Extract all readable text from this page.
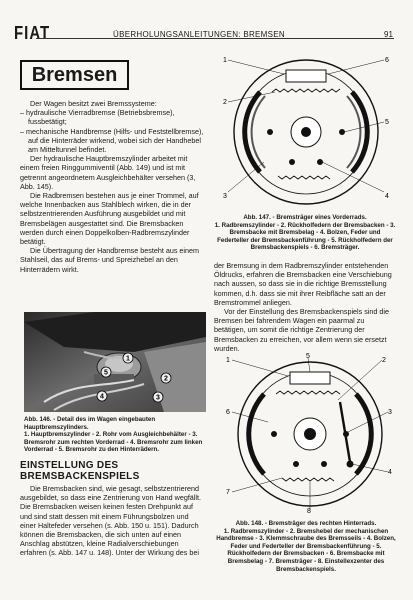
FIAT	ÜBERHOLUNGSANLEITUNGEN: BREMSEN	91
Bremsen

Der Wagen besitzt zwei Bremssysteme:

– hydraulische Vierradbremse (Betriebsbremse), fussbetätigt;

– mechanische Handbremse (Hilfs- und Feststellbremse), auf die Hinterräder wirkend, wobei sich der Handhebel am Mitteltunnel befindet.

Der hydraulische Hauptbremszylinder arbeitet mit einem freien Ringgummiventil (Abb. 149) und ist mit getrennt angeordnetem Ausgleichbehälter versehen (3, Abb. 145).

Die Radbremsen bestehen aus je einer Trommel, auf welche Innenbacken aus Stahlblech wirken, die in der selbstzentrierenden Ausführung ausgebildet und mit Bremsbelägen ausgestattet sind. Die Bremsbacken werden durch einen Doppelkolben-Radbremszylinder betätigt.

Die Übertragung der Handbremse besteht aus einem Stahlseil, das auf Brems- und Spreizhebel an den Hinterrädern wirkt.

5
1
2
3
4
Abb. 146. - Detail des im Wagen eingebauten Hauptbremszylinders.
1. Hauptbremszylinder - 2. Rohr vom Ausgleichbehälter - 3. Bremsrohr zum rechten Vorderrad - 4. Bremsrohr zum linken Vorderrad - 5. Bremsrohr zu den Hinterrädern.
EINSTELLUNG DES
BREMSBACKENSPIELS

Die Bremsbacken sind, wie gesagt, selbstzentrierend ausgebildet, so dass eine Zentrierung von Hand wegfällt. Die Bremsbacken weisen keinen festen Drehpunkt auf und sind statt dessen mit einem Führungsbolzen und einer Haltefeder versehen (s. Abb. 150 u. 151). Dadurch können die Bremsbacken, die sich unten auf einen Anschlag abstützen, kleine Radialverschiebungen erfahren (s. Abb. 147 u. 148). Unter der Wirkung des bei

1
2
3	4
5
6
Abb. 147. - Bremsträger eines Vorderrads.
1. Radbremszylinder - 2. Rückholfedern der Bremsbacken - 3. Bremsbacke mit Bremsbelag - 4. Bolzen, Feder und Federteller der Bremsbackenführung - 5. Rückholfedern der Bremsbackenspiels - 6. Bremsträger.

der Bremsung in dem Radbremszylinder entstehenden Öldrucks, erfahren die Bremsbacken eine Verschiebung nach aussen, so dass sie in die richtige Bremsstellung kommen, d.h. dass sie mit ihrer Reibfläche satt an der Bremstrommel anliegen.

Vor der Einstellung des Bremsbackenspiels sind die Bremsen bei fahrendem Wagen ein paarmal zu betätigen, um somit die richtige Zentrierung der Bremsbacken zu erreichen, vor allem wenn sie ersetzt wurden.

1	2
3
4
5
6
7
8
Abb. 148. - Bremsträger des rechten Hinterrads.
1. Radbremszylinder - 2. Bremshebel der mechanischen Handbremse - 3. Klemmschraube des Bremsseils - 4. Bolzen, Feder und Federteller der Bremsbackenführung - 5. Rückholfedern der Bremsbacken - 6. Bremsbacke mit Bremsbelag - 7. Bremsträger - 8. Einstellexzenter des Bremsbackenspiels.
